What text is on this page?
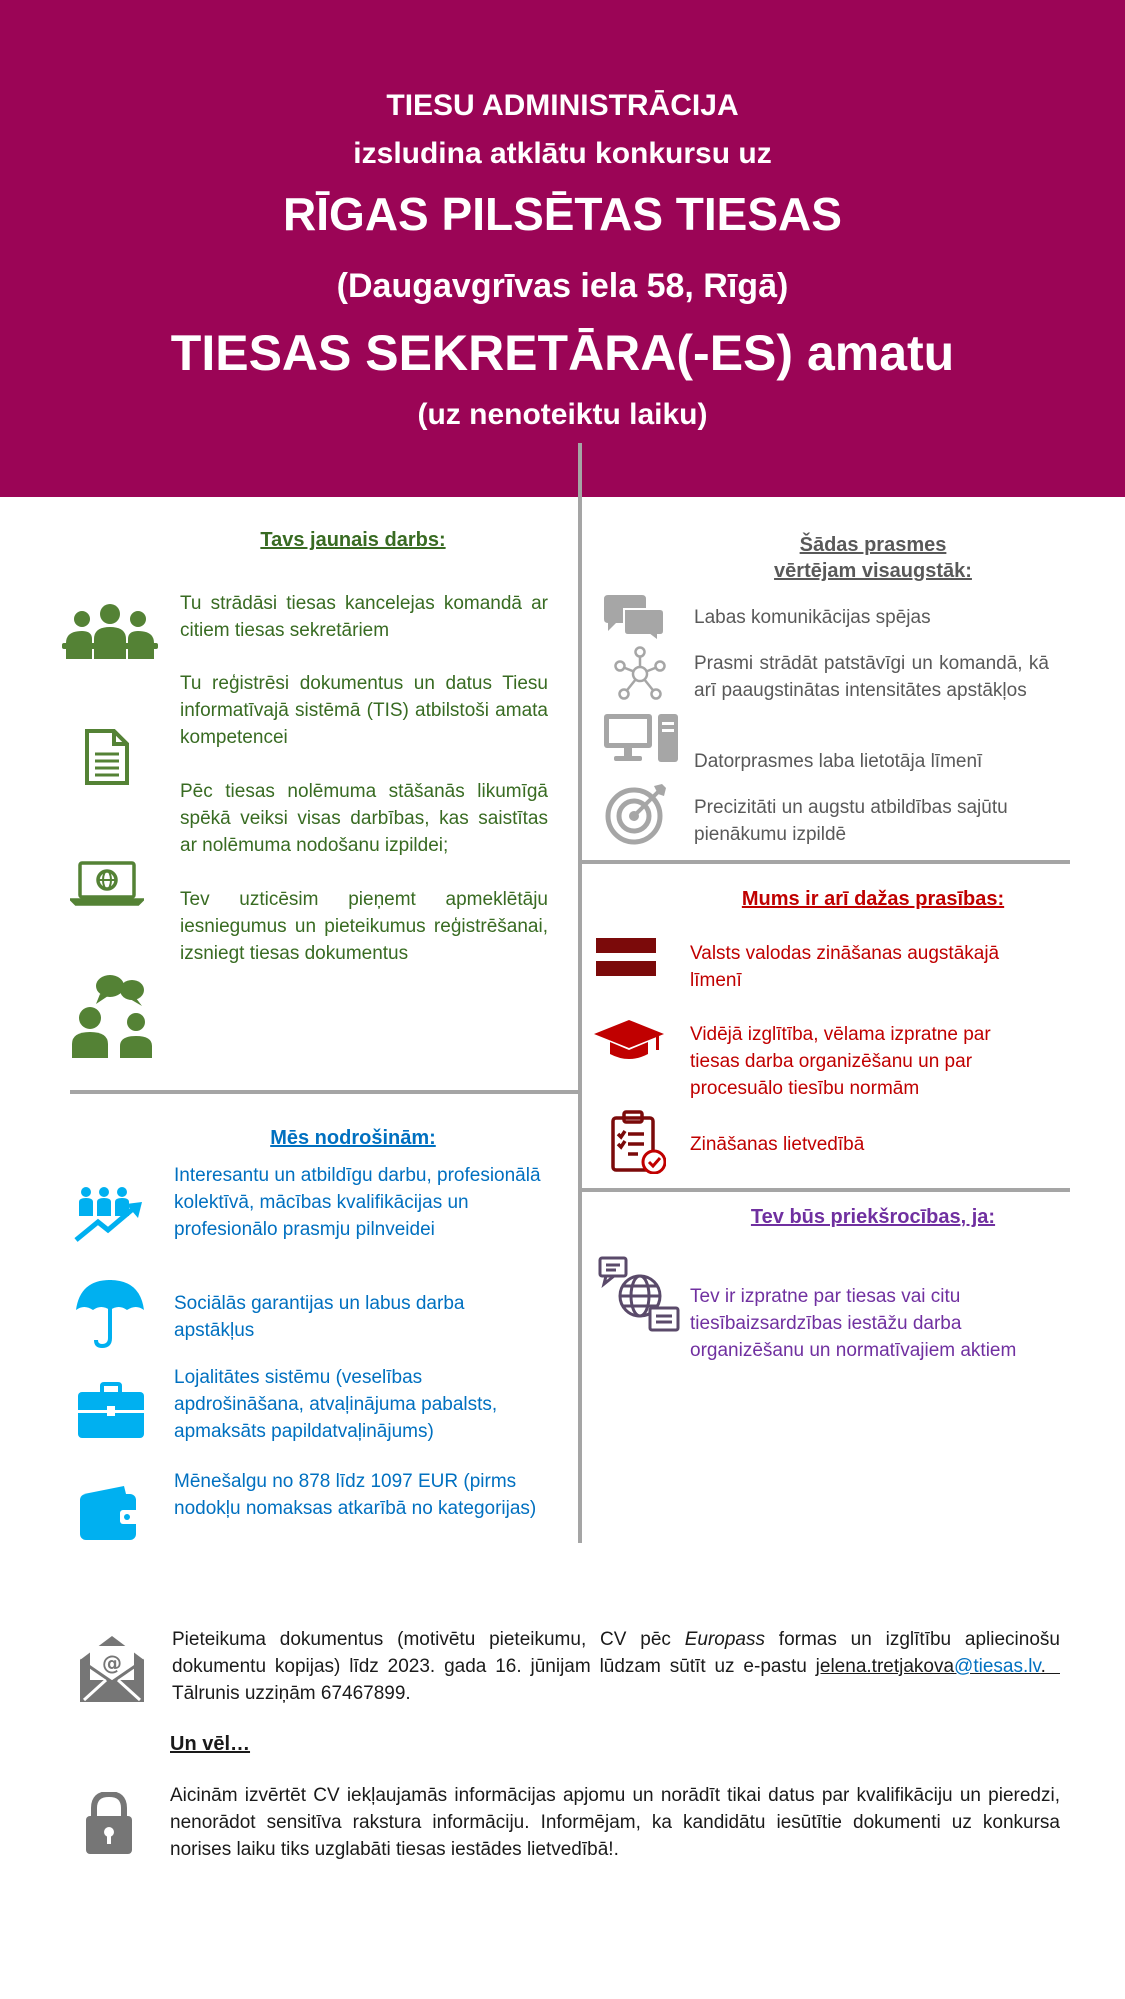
TIESU ADMINISTRĀCIJA
izsludina atklātu konkursu uz
RĪGAS PILSĒTAS TIESAS
(Daugavgrīvas iela 58, Rīgā)
TIESAS SEKRETĀRA(-ES) amatu
(uz nenoteiktu laiku)
Tavs jaunais darbs:
Tu strādāsi tiesas kancelejas komandā ar citiem tiesas sekretāriem
Tu reģistrēsi dokumentus un datus Tiesu informatīvajā sistēmā (TIS) atbilstoši amata kompetencei
Pēc tiesas nolēmuma stāšanās likumīgā spēkā veiksi visas darbības, kas saistītas ar nolēmuma nodošanu izpildei;
Tev uzticēsim pieņemt apmeklētāju iesniegumus un pieteikumus reģistrēšanai, izsniegt tiesas dokumentus
Šādas prasmes
vērtējam visaugstāk:
Labas komunikācijas spējas
Prasmi strādāt patstāvīgi un komandā, kā arī paaugstinātas intensitātes apstākļos
Datorprasmes laba lietotāja līmenī
Precizitāti un augstu atbildības sajūtu pienākumu izpildē
Mums ir arī dažas prasības:
Valsts valodas zināšanas augstākajā līmenī
Vidējā izglītība, vēlama izpratne par tiesas darba organizēšanu un par procesuālo tiesību normām
Zināšanas lietvedībā
Mēs nodrošinām:
Interesantu un atbildīgu darbu, profesionālā kolektīvā, mācības kvalifikācijas un profesionālo prasmju pilnveidei
Sociālās garantijas un labus darba apstākļus
Lojalitātes sistēmu (veselības apdrošināšana, atvaļinājuma pabalsts, apmaksāts papildatvaļinājums)
Mēnešalgu no 878 līdz 1097 EUR (pirms nodokļu nomaksas atkarībā no kategorijas)
Tev būs priekšrocības, ja:
Tev ir izpratne par tiesas vai citu tiesībaizsardzības iestāžu darba organizēšanu un normatīvajiem aktiem
@
Pieteikuma dokumentus (motivētu pieteikumu, CV pēc Europass formas un izglītību apliecinošu dokumentu kopijas) līdz 2023. gada 16. jūnijam lūdzam sūtīt uz e-pastu jelena.tretjakova@tiesas.lv.   Tālrunis uzziņām 67467899.
Un vēl…
Aicinām izvērtēt CV iekļaujamās informācijas apjomu un norādīt tikai datus par kvalifikāciju un pieredzi, nenorādot sensitīva rakstura informāciju. Informējam, ka kandidātu iesūtītie dokumenti uz konkursa norises laiku tiks uzglabāti tiesas iestādes lietvedībā!.
